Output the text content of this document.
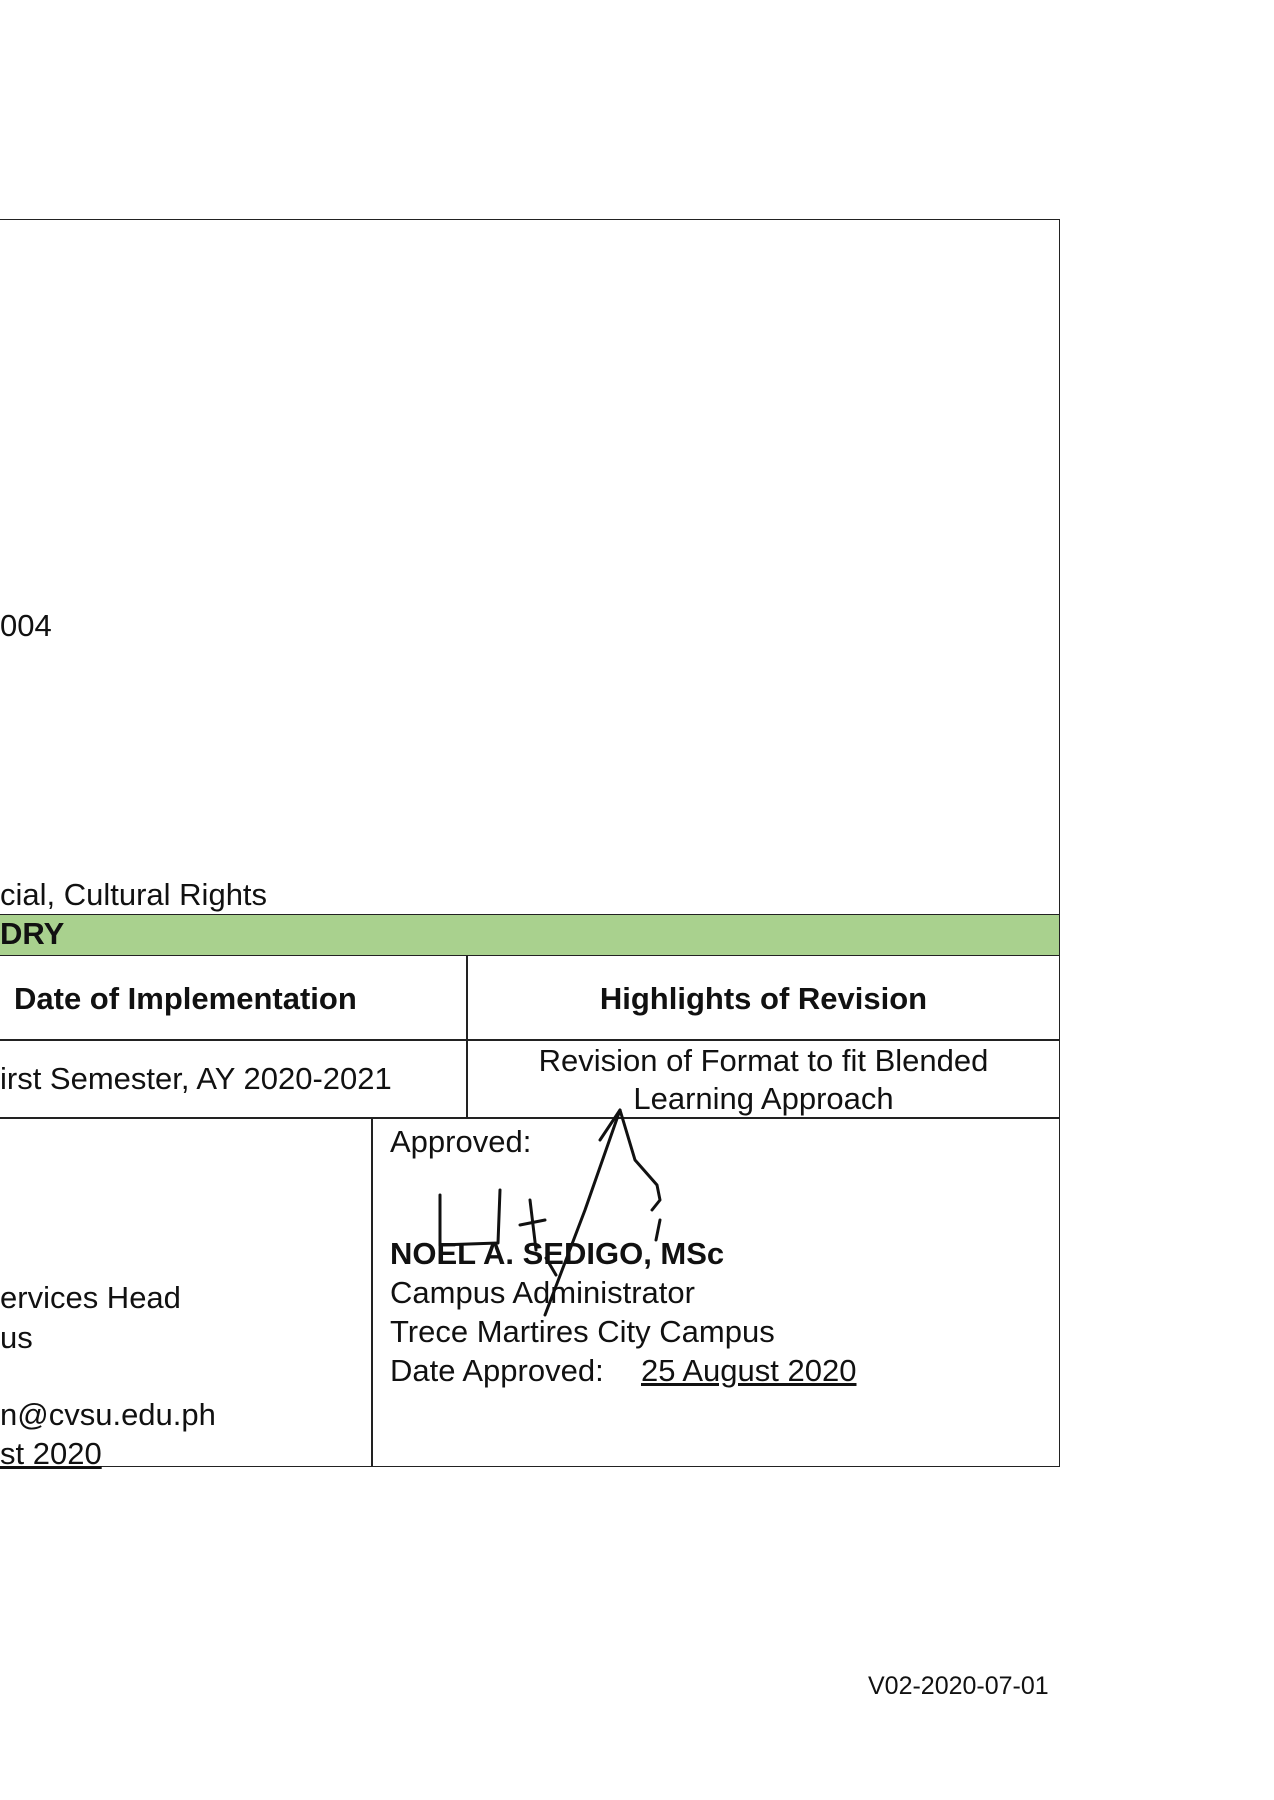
004
cial, Cultural Rights
DRY
Date of Implementation	Highlights of Revision
irst Semester, AY 2020-2021
Revision of Format to fit Blended
Learning Approach
ervices Head
us
n@cvsu.edu.ph
st 2020
Approved:
NOEL A. SEDIGO, MSc
Campus Administrator
Trece Martires City Campus
Date Approved: 25 August 2020
V02-2020-07-01
